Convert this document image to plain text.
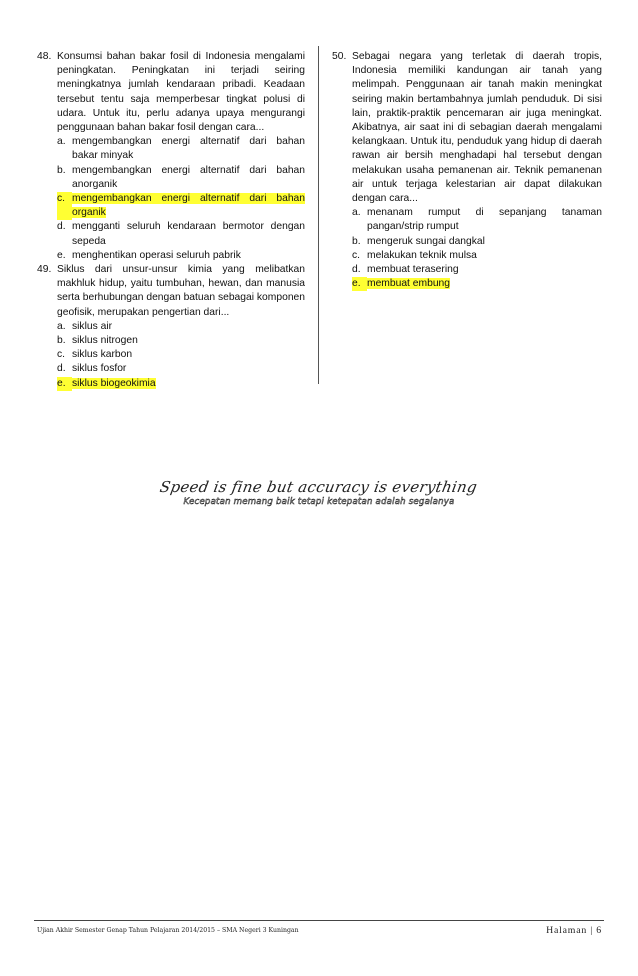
48. Konsumsi bahan bakar fosil di Indonesia mengalami peningkatan. Peningkatan ini terjadi seiring meningkatnya jumlah kendaraan pribadi. Keadaan tersebut tentu saja memperbesar tingkat polusi di udara. Untuk itu, perlu adanya upaya mengurangi penggunaan bahan bakar fosil dengan cara...
a. mengembangkan energi alternatif dari bahan bakar minyak
b. mengembangkan energi alternatif dari bahan anorganik
c. mengembangkan energi alternatif dari bahan organik
d. mengganti seluruh kendaraan bermotor dengan sepeda
e. menghentikan operasi seluruh pabrik
49. Siklus dari unsur-unsur kimia yang melibatkan makhluk hidup, yaitu tumbuhan, hewan, dan manusia serta berhubungan dengan batuan sebagai komponen geofisik, merupakan pengertian dari...
a. siklus air
b. siklus nitrogen
c. siklus karbon
d. siklus fosfor
e. siklus biogeokimia
50. Sebagai negara yang terletak di daerah tropis, Indonesia memiliki kandungan air tanah yang melimpah. Penggunaan air tanah makin meningkat seiring makin bertambahnya jumlah penduduk. Di sisi lain, praktik-praktik pencemaran air juga meningkat. Akibatnya, air saat ini di sebagian daerah mengalami kelangkaan. Untuk itu, penduduk yang hidup di daerah rawan air bersih menghadapi hal tersebut dengan melakukan usaha pemanenan air. Teknik pemanenan air untuk terjaga kelestarian air dapat dilakukan dengan cara...
a. menanam rumput di sepanjang tanaman pangan/strip rumput
b. mengeruk sungai dangkal
c. melakukan teknik mulsa
d. membuat terasering
e. membuat embung
Speed is fine but accuracy is everything
Kecepatan memang baik tetapi ketepatan adalah segalanya
Ujian Akhir Semester Genap Tahun Pelajaran 2014/2015 – SMA Negeri 3 Kuningan	Halaman | 6
